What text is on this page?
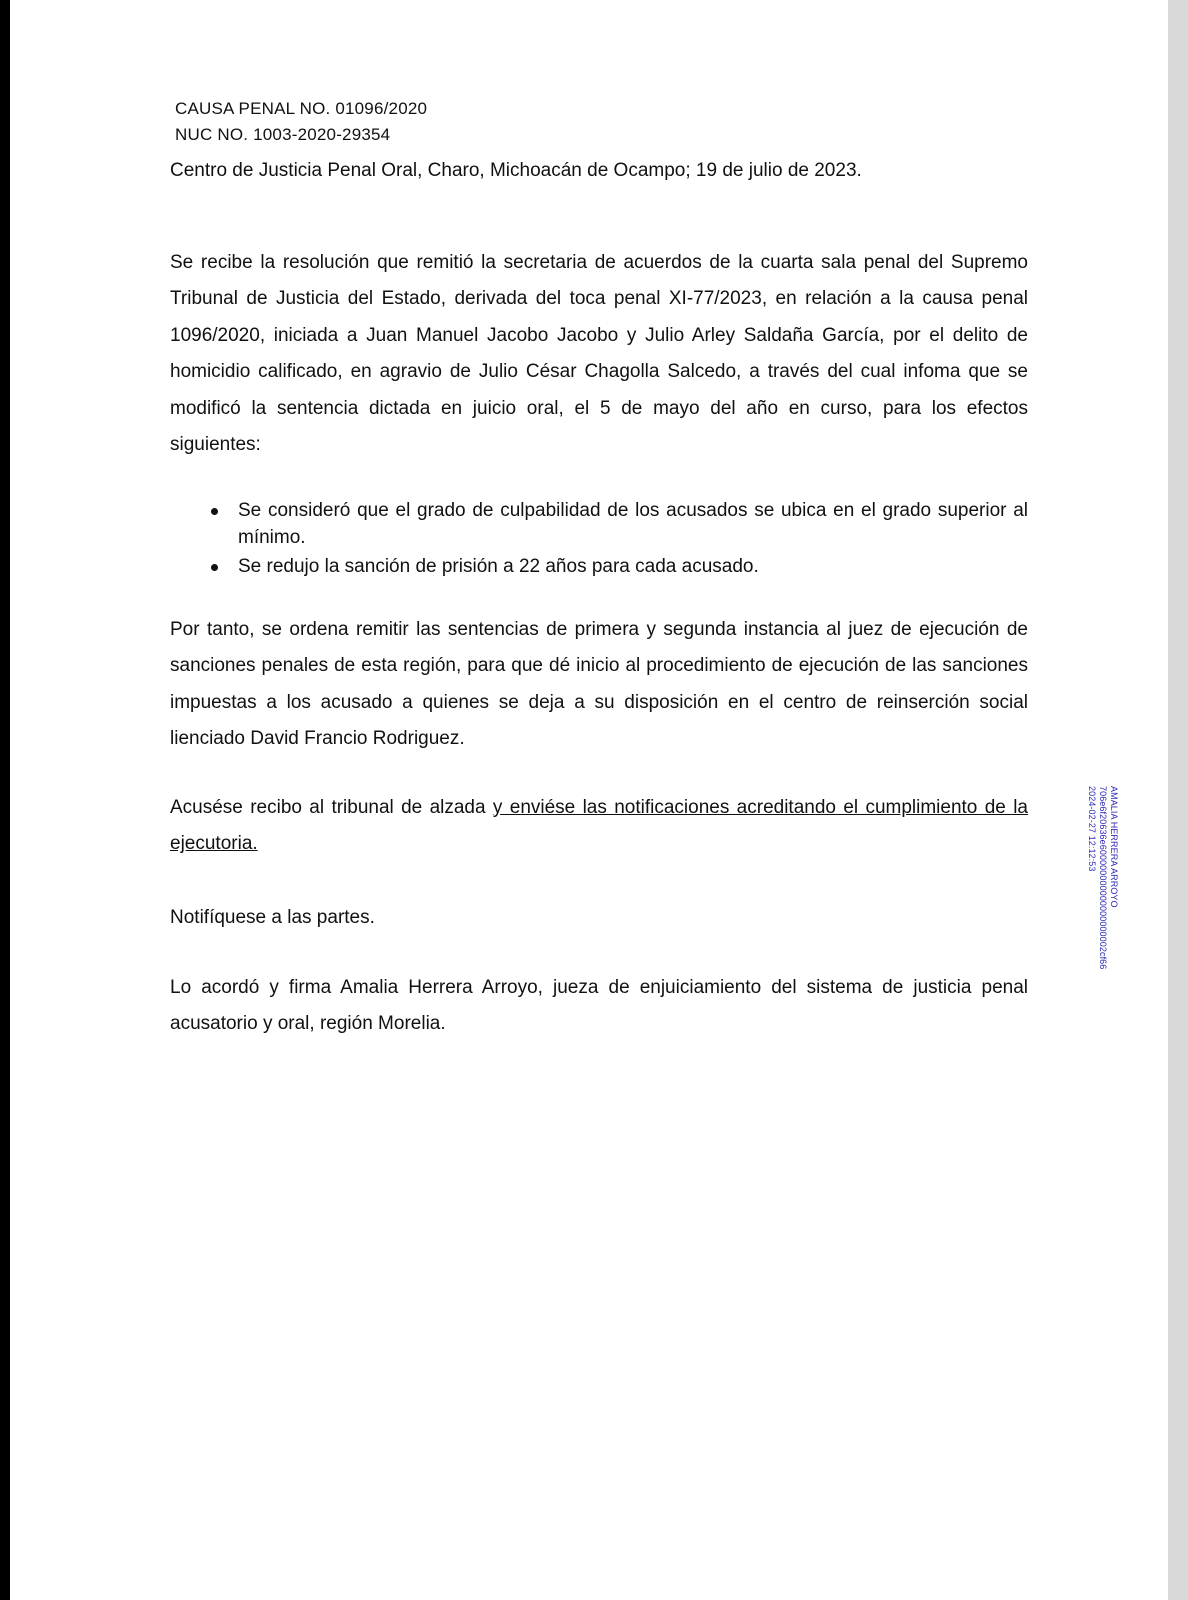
CAUSA PENAL NO. 01096/2020
NUC NO. 1003-2020-29354
Centro de Justicia Penal Oral, Charo, Michoacán de Ocampo; 19 de julio de 2023.
Se recibe la resolución que remitió la secretaria de acuerdos de la cuarta sala penal del Supremo Tribunal de Justicia del Estado, derivada del toca penal XI-77/2023, en relación a la causa penal 1096/2020, iniciada a Juan Manuel Jacobo Jacobo y Julio Arley Saldaña García, por el delito de homicidio calificado, en agravio de Julio César Chagolla Salcedo, a través del cual infoma que se modificó la sentencia dictada en juicio oral, el 5 de mayo del año en curso, para los efectos siguientes:
Se consideró que el grado de culpabilidad de los acusados se ubica en el grado superior al mínimo.
Se redujo la sanción de prisión a 22 años para cada acusado.
Por tanto, se ordena remitir las sentencias de primera y segunda instancia al juez de ejecución de sanciones penales de esta región, para que dé inicio al procedimiento de ejecución de las sanciones impuestas a los acusado a quienes se deja a su disposición en el centro de reinserción social lienciado David Francio Rodriguez.
Acusése recibo al tribunal de alzada y enviése las notificaciones acreditando el cumplimiento de la ejecutoria.
Notifíquese a las partes.
Lo acordó y firma Amalia Herrera Arroyo, jueza de enjuiciamiento del sistema de justicia penal acusatorio y oral, región Morelia.
AMALIA HERRERA ARROYO
706e6f20636e600000000000000000002cf66
2024-02-27 12:12:53
